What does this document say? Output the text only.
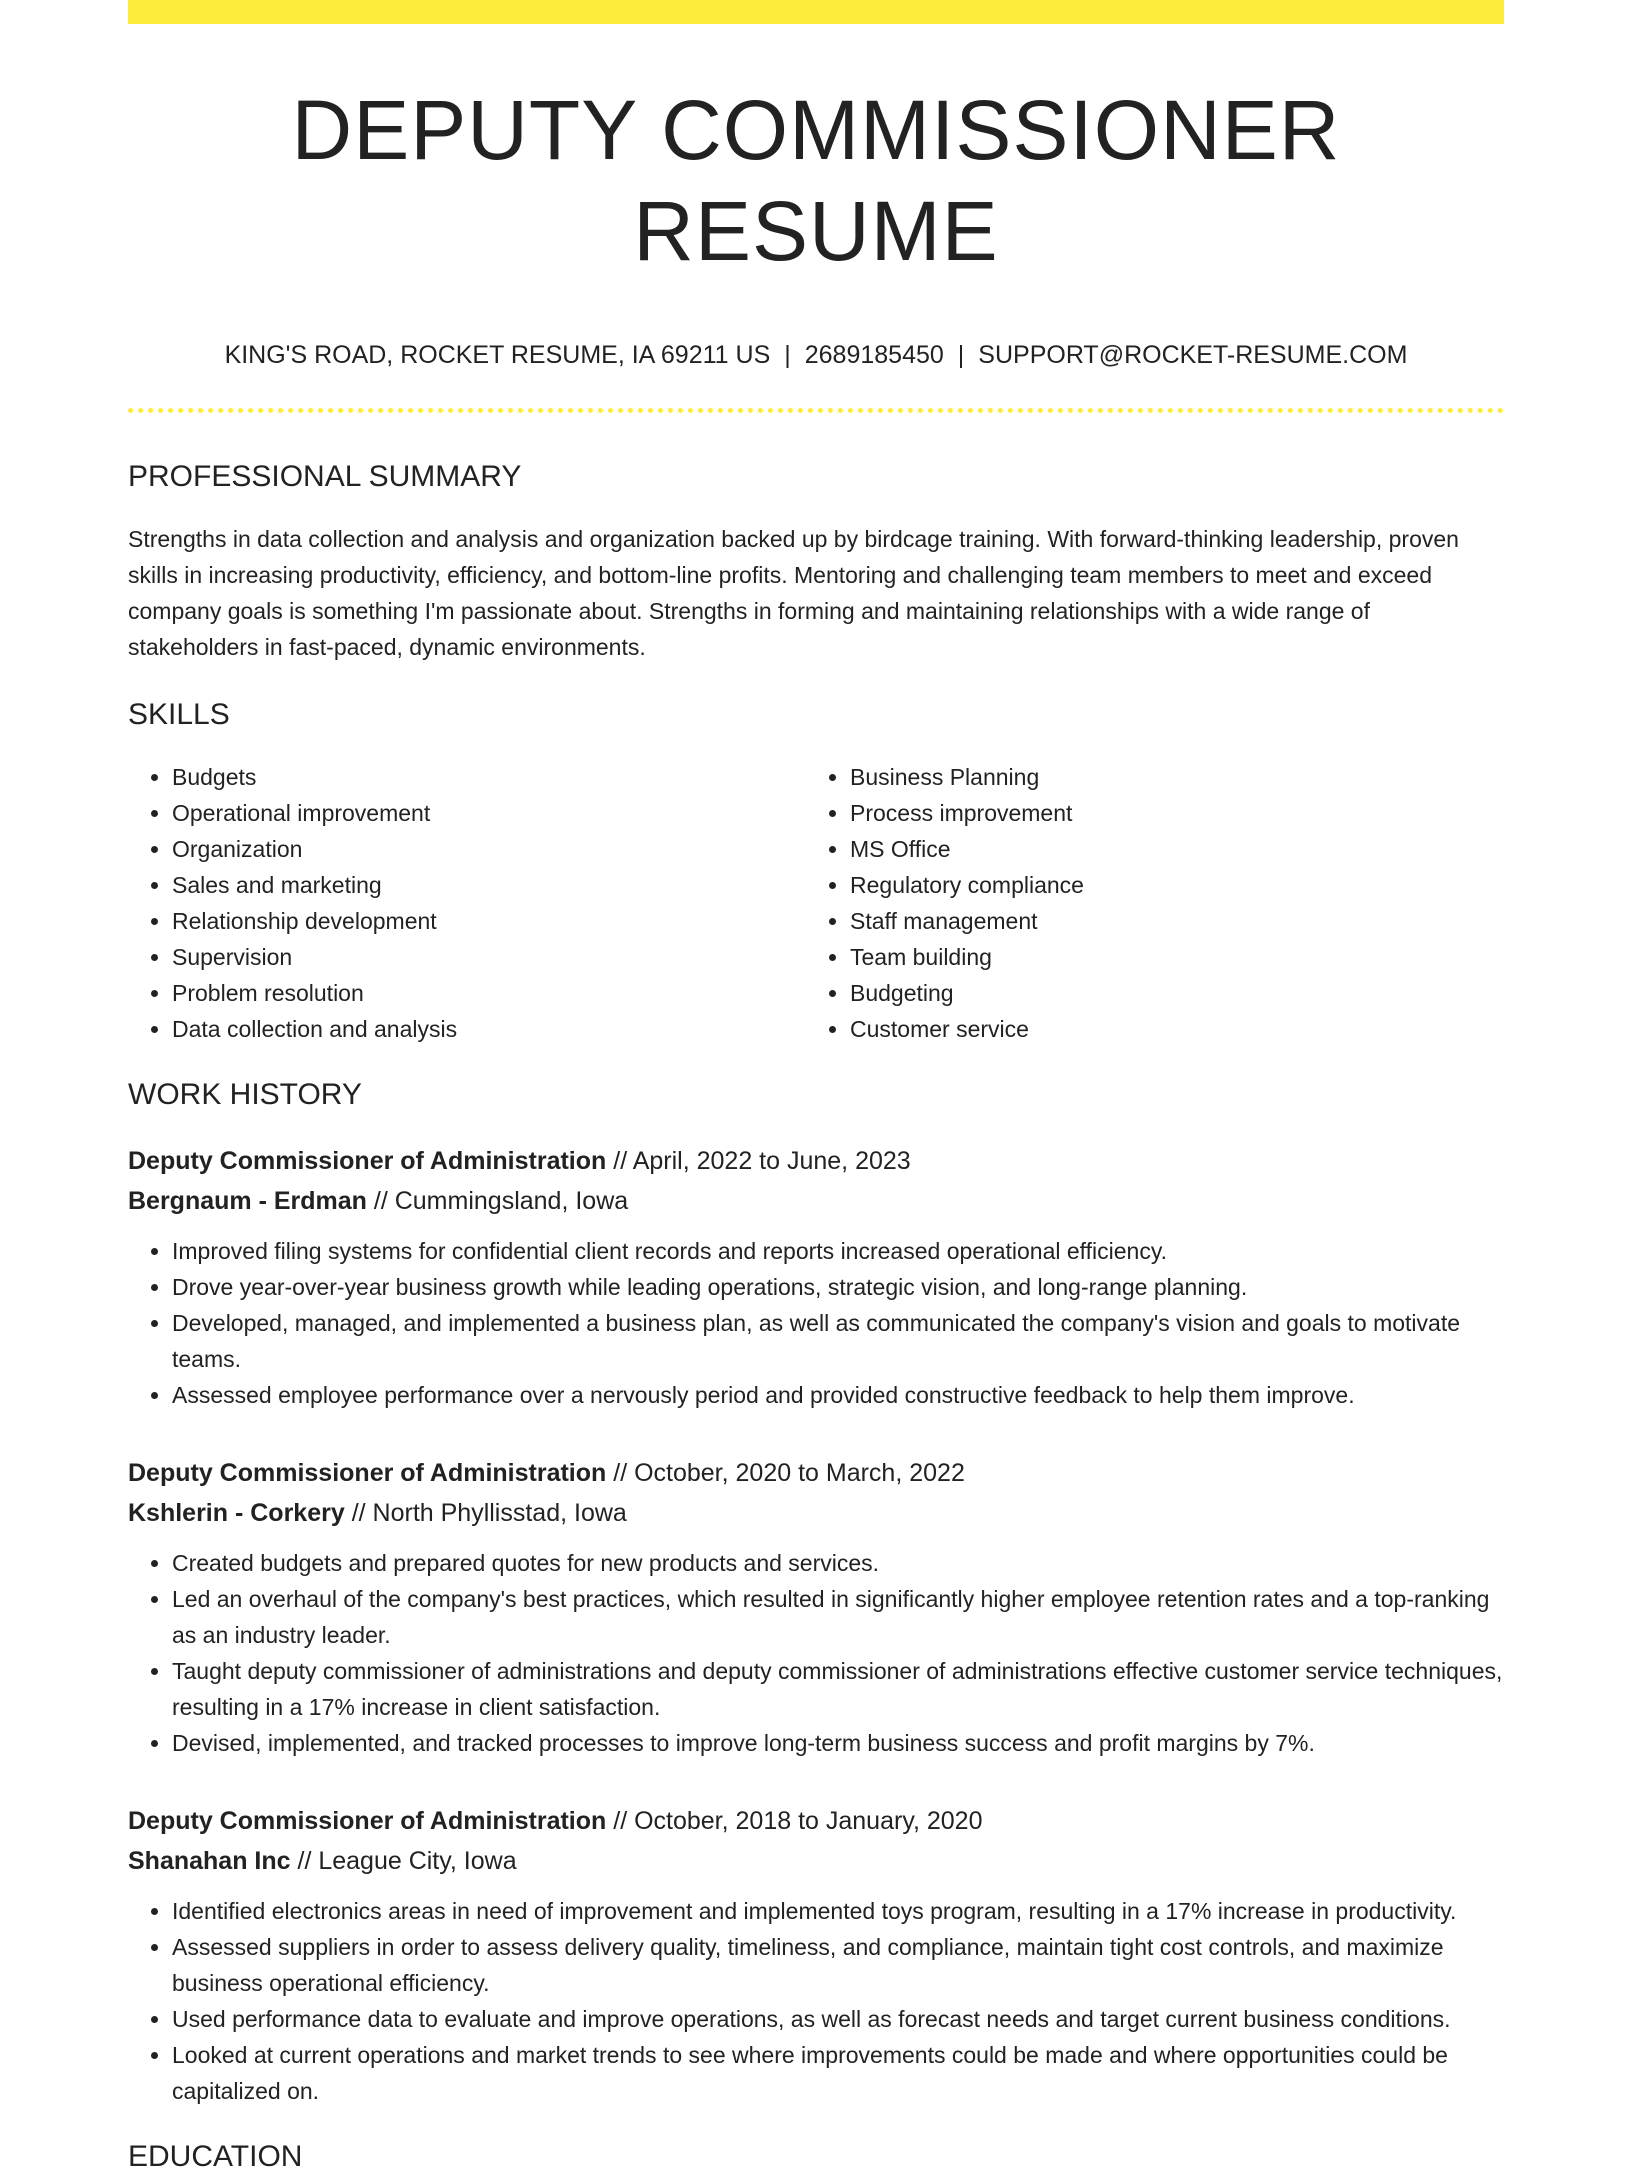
DEPUTY COMMISSIONER RESUME
KING'S ROAD, ROCKET RESUME, IA 69211 US | 2689185450 | SUPPORT@ROCKET-RESUME.COM
PROFESSIONAL SUMMARY

Strengths in data collection and analysis and organization backed up by birdcage training. With forward-thinking leadership, proven skills in increasing productivity, efficiency, and bottom-line profits. Mentoring and challenging team members to meet and exceed company goals is something I'm passionate about. Strengths in forming and maintaining relationships with a wide range of stakeholders in fast-paced, dynamic environments.

SKILLS
• Budgets
• Operational improvement
• Organization
• Sales and marketing
• Relationship development
• Supervision
• Problem resolution
• Data collection and analysis
• Business Planning
• Process improvement
• MS Office
• Regulatory compliance
• Staff management
• Team building
• Budgeting
• Customer service
WORK HISTORY
Deputy Commissioner of Administration // April, 2022 to June, 2023
Bergnaum - Erdman // Cummingsland, Iowa
• Improved filing systems for confidential client records and reports increased operational efficiency.
• Drove year-over-year business growth while leading operations, strategic vision, and long-range planning.
• Developed, managed, and implemented a business plan, as well as communicated the company's vision and goals to motivate teams.
• Assessed employee performance over a nervously period and provided constructive feedback to help them improve.
Deputy Commissioner of Administration // October, 2020 to March, 2022
Kshlerin - Corkery // North Phyllisstad, Iowa
• Created budgets and prepared quotes for new products and services.
• Led an overhaul of the company's best practices, which resulted in significantly higher employee retention rates and a top-ranking as an industry leader.
• Taught deputy commissioner of administrations and deputy commissioner of administrations effective customer service techniques, resulting in a 17% increase in client satisfaction.
• Devised, implemented, and tracked processes to improve long-term business success and profit margins by 7%.
Deputy Commissioner of Administration // October, 2018 to January, 2020
Shanahan Inc // League City, Iowa
• Identified electronics areas in need of improvement and implemented toys program, resulting in a 17% increase in productivity.
• Assessed suppliers in order to assess delivery quality, timeliness, and compliance, maintain tight cost controls, and maximize business operational efficiency.
• Used performance data to evaluate and improve operations, as well as forecast needs and target current business conditions.
• Looked at current operations and market trends to see where improvements could be made and where opportunities could be capitalized on.
EDUCATION
